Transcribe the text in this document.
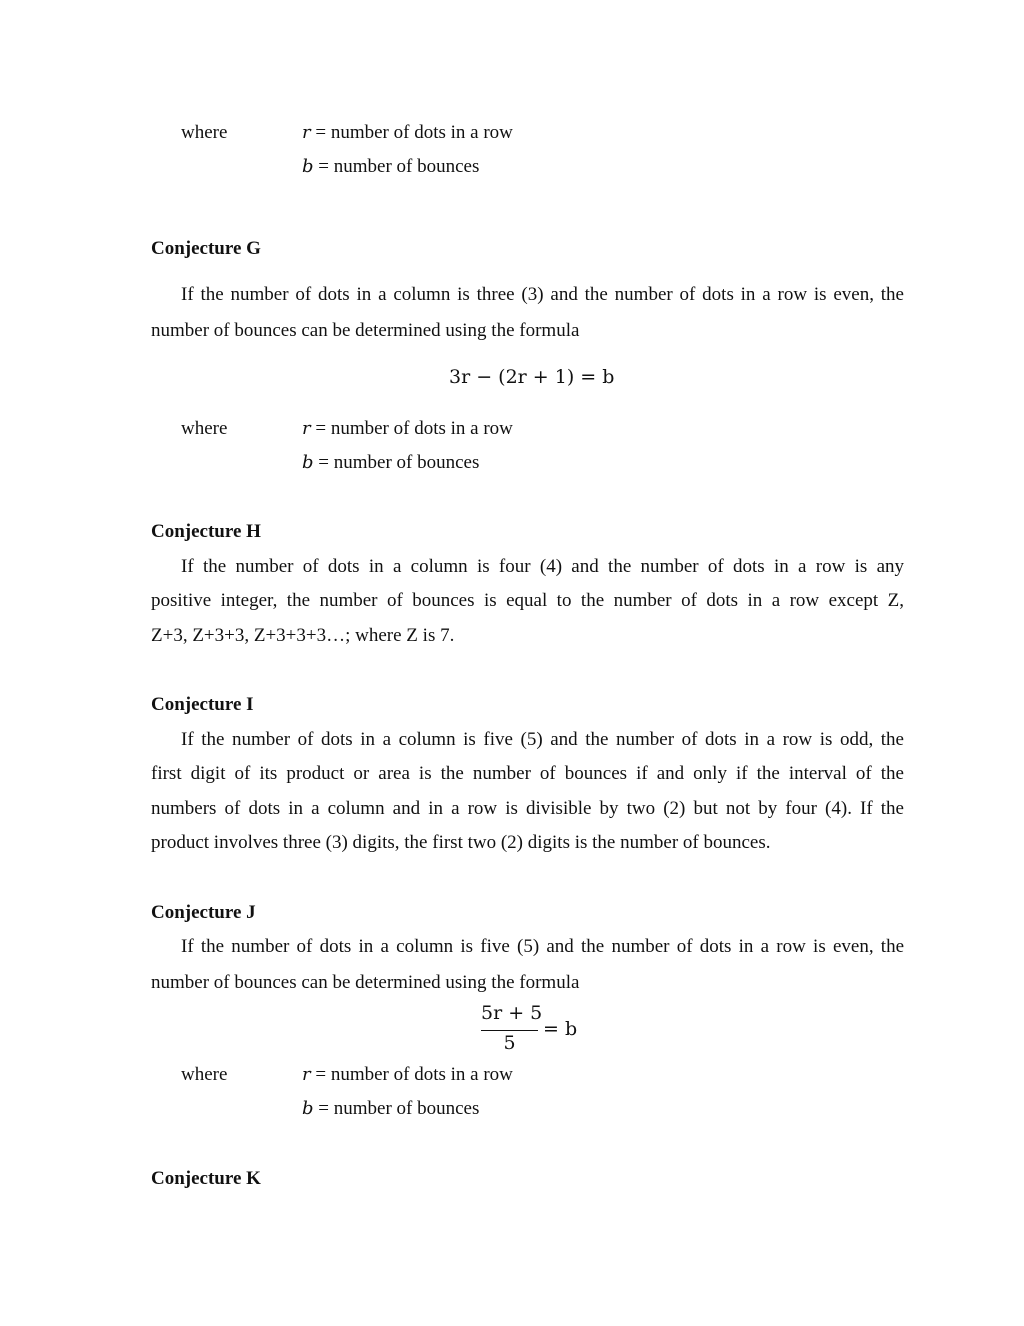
where	r = number of dots in a row
b = number of bounces
Conjecture G
If the number of dots in a column is three (3) and the number of dots in a row is even, the
number of bounces can be determined using the formula
3r − (2r + 1) = b
where	r = number of dots in a row
b = number of bounces
Conjecture H
If the number of dots in a column is four (4) and the number of dots in a row is any
positive integer, the number of bounces is equal to the number of dots in a row except Z,
Z+3, Z+3+3, Z+3+3+3…; where Z is 7.
Conjecture I
If the number of dots in a column is five (5) and the number of dots in a row is odd, the
first digit of its product or area is the number of bounces if and only if the interval of the
numbers of dots in a column and in a row is divisible by two (2) but not by four (4). If the
product involves three (3) digits, the first two (2) digits is the number of bounces.
Conjecture J
If the number of dots in a column is five (5) and the number of dots in a row is even, the
number of bounces can be determined using the formula
5r + 5
5
= b
where	r = number of dots in a row
b = number of bounces
Conjecture K
